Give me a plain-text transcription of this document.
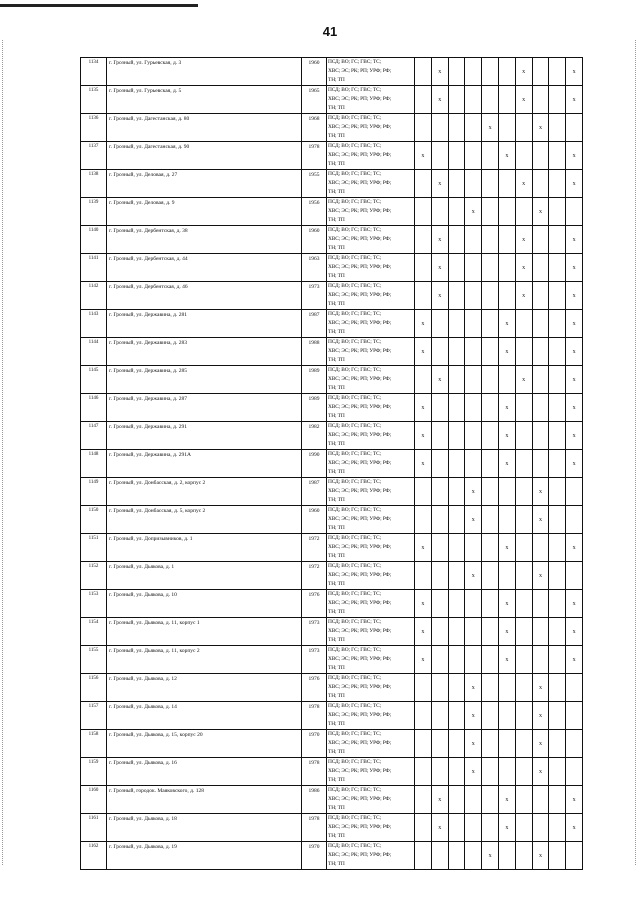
41
1134	г. Грозный, ул. Гурьевская, д. 3	1960	ПСД; ВО; ГС; ГВС; ТС;
ХВС; ЭС; РК; РП; УРФ; РФ;
ТН; ТП		x					x			x
1135	г. Грозный, ул. Гурьевская, д. 5	1965	ПСД; ВО; ГС; ГВС; ТС;
ХВС; ЭС; РК; РП; УРФ; РФ;
ТН; ТП		x					x			x
1136	г. Грозный, ул. Дагестанская, д. 80	1968	ПСД; ВО; ГС; ГВС; ТС;
ХВС; ЭС; РК; РП; УРФ; РФ;
ТН; ТП					x			x		
1137	г. Грозный, ул. Дагестанская, д. 90	1978	ПСД; ВО; ГС; ГВС; ТС;
ХВС; ЭС; РК; РП; УРФ; РФ;
ТН; ТП	x					x				x
1138	г. Грозный, ул. Деловая, д. 27	1955	ПСД; ВО; ГС; ГВС; ТС;
ХВС; ЭС; РК; РП; УРФ; РФ;
ТН; ТП		x					x			x
1139	г. Грозный, ул. Деловая, д. 9	1956	ПСД; ВО; ГС; ГВС; ТС;
ХВС; ЭС; РК; РП; УРФ; РФ;
ТН; ТП				x				x		
1140	г. Грозный, ул. Дербентская, д. 38	1960	ПСД; ВО; ГС; ГВС; ТС;
ХВС; ЭС; РК; РП; УРФ; РФ;
ТН; ТП		x					x			x
1141	г. Грозный, ул. Дербентская, д. 44	1963	ПСД; ВО; ГС; ГВС; ТС;
ХВС; ЭС; РК; РП; УРФ; РФ;
ТН; ТП		x					x			x
1142	г. Грозный, ул. Дербентская, д. 46	1973	ПСД; ВО; ГС; ГВС; ТС;
ХВС; ЭС; РК; РП; УРФ; РФ;
ТН; ТП		x					x			x
1143	г. Грозный, ул. Державина, д. 281	1987	ПСД; ВО; ГС; ГВС; ТС;
ХВС; ЭС; РК; РП; УРФ; РФ;
ТН; ТП	x					x				x
1144	г. Грозный, ул. Державина, д. 283	1988	ПСД; ВО; ГС; ГВС; ТС;
ХВС; ЭС; РК; РП; УРФ; РФ;
ТН; ТП	x					x				x
1145	г. Грозный, ул. Державина, д. 285	1989	ПСД; ВО; ГС; ГВС; ТС;
ХВС; ЭС; РК; РП; УРФ; РФ;
ТН; ТП		x					x			x
1146	г. Грозный, ул. Державина, д. 287	1989	ПСД; ВО; ГС; ГВС; ТС;
ХВС; ЭС; РК; РП; УРФ; РФ;
ТН; ТП	x					x				x
1147	г. Грозный, ул. Державина, д. 291	1982	ПСД; ВО; ГС; ГВС; ТС;
ХВС; ЭС; РК; РП; УРФ; РФ;
ТН; ТП	x					x				x
1148	г. Грозный, ул. Державина, д. 291А	1990	ПСД; ВО; ГС; ГВС; ТС;
ХВС; ЭС; РК; РП; УРФ; РФ;
ТН; ТП	x					x				x
1149	г. Грозный, ул. Донбасская, д. 2, корпус 2	1987	ПСД; ВО; ГС; ГВС; ТС;
ХВС; ЭС; РК; РП; УРФ; РФ;
ТН; ТП				x				x		
1150	г. Грозный, ул. Донбасская, д. 5, корпус 2	1960	ПСД; ВО; ГС; ГВС; ТС;
ХВС; ЭС; РК; РП; УРФ; РФ;
ТН; ТП				x				x		
1151	г. Грозный, ул. Допризывников, д. 1	1972	ПСД; ВО; ГС; ГВС; ТС;
ХВС; ЭС; РК; РП; УРФ; РФ;
ТН; ТП	x					x				x
1152	г. Грозный, ул. Дьякова, д. 1	1972	ПСД; ВО; ГС; ГВС; ТС;
ХВС; ЭС; РК; РП; УРФ; РФ;
ТН; ТП				x				x		
1153	г. Грозный, ул. Дьякова, д. 10	1976	ПСД; ВО; ГС; ГВС; ТС;
ХВС; ЭС; РК; РП; УРФ; РФ;
ТН; ТП	x					x				x
1154	г. Грозный, ул. Дьякова, д. 11, корпус 1	1973	ПСД; ВО; ГС; ГВС; ТС;
ХВС; ЭС; РК; РП; УРФ; РФ;
ТН; ТП	x					x				x
1155	г. Грозный, ул. Дьякова, д. 11, корпус 2	1973	ПСД; ВО; ГС; ГВС; ТС;
ХВС; ЭС; РК; РП; УРФ; РФ;
ТН; ТП	x					x				x
1156	г. Грозный, ул. Дьякова, д. 12	1976	ПСД; ВО; ГС; ГВС; ТС;
ХВС; ЭС; РК; РП; УРФ; РФ;
ТН; ТП				x				x		
1157	г. Грозный, ул. Дьякова, д. 14	1978	ПСД; ВО; ГС; ГВС; ТС;
ХВС; ЭС; РК; РП; УРФ; РФ;
ТН; ТП				x				x		
1158	г. Грозный, ул. Дьякова, д. 15, корпус 20	1970	ПСД; ВО; ГС; ГВС; ТС;
ХВС; ЭС; РК; РП; УРФ; РФ;
ТН; ТП				x				x		
1159	г. Грозный, ул. Дьякова, д. 16	1978	ПСД; ВО; ГС; ГВС; ТС;
ХВС; ЭС; РК; РП; УРФ; РФ;
ТН; ТП				x				x		
1160	г. Грозный, городок. Маяковского, д. 128	1986	ПСД; ВО; ГС; ГВС; ТС;
ХВС; ЭС; РК; РП; УРФ; РФ;
ТН; ТП		x				x				x
1161	г. Грозный, ул. Дьякова, д. 18	1978	ПСД; ВО; ГС; ГВС; ТС;
ХВС; ЭС; РК; РП; УРФ; РФ;
ТН; ТП		x				x				x
1162	г. Грозный, ул. Дьякова, д. 19	1970	ПСД; ВО; ГС; ГВС; ТС;
ХВС; ЭС; РК; РП; УРФ; РФ;
ТН; ТП					x			x		
